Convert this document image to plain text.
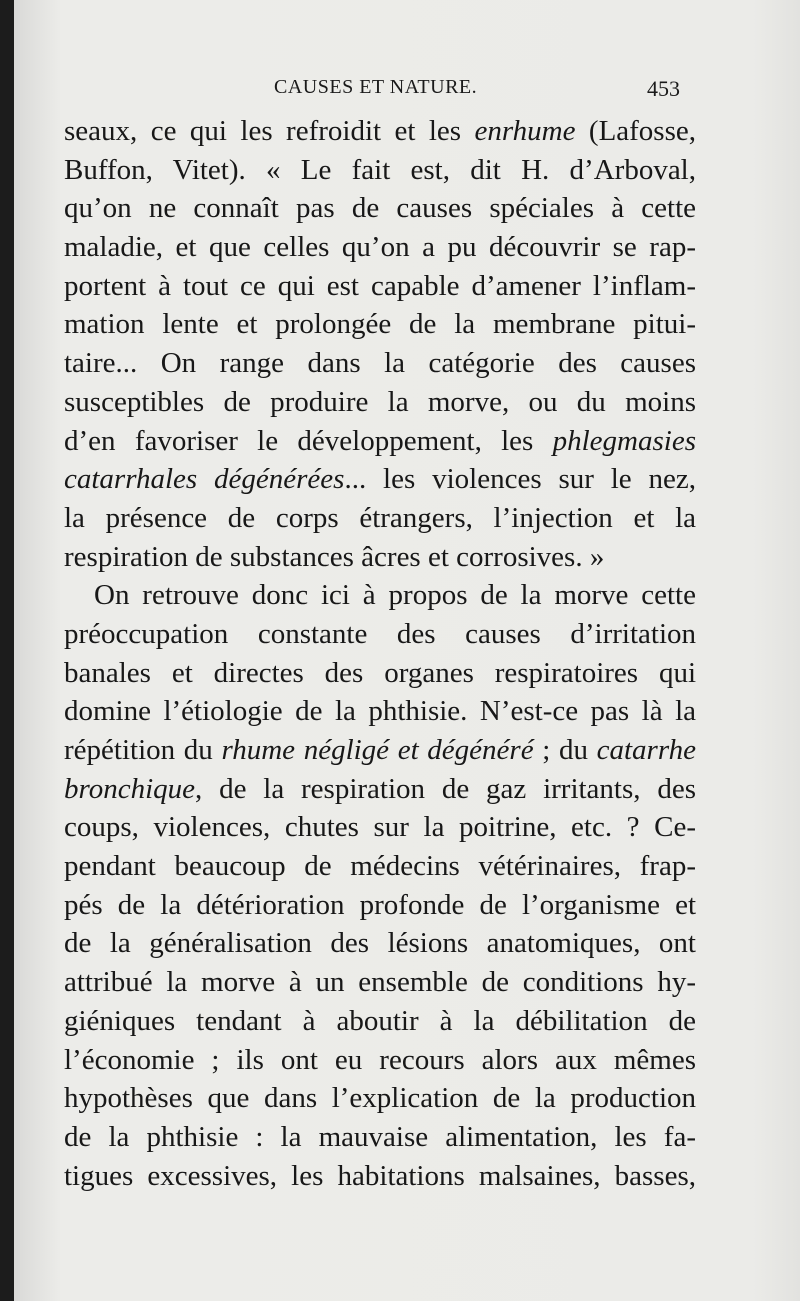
CAUSES ET NATURE.	453
seaux, ce qui les refroidit et les enrhume (Lafosse,
Buffon, Vitet). « Le fait est, dit H. d’Arboval,
qu’on ne connaît pas de causes spéciales à cette
maladie, et que celles qu’on a pu découvrir se rap-
portent à tout ce qui est capable d’amener l’inflam-
mation lente et prolongée de la membrane pitui-
taire... On range dans la catégorie des causes
susceptibles de produire la morve, ou du moins
d’en favoriser le développement, les phlegmasies
catarrhales dégénérées... les violences sur le nez,
la présence de corps étrangers, l’injection et la
respiration de substances âcres et corrosives. »
On retrouve donc ici à propos de la morve cette
préoccupation constante des causes d’irritation
banales et directes des organes respiratoires qui
domine l’étiologie de la phthisie. N’est-ce pas là la
répétition du rhume négligé et dégénéré ; du catarrhe
bronchique, de la respiration de gaz irritants, des
coups, violences, chutes sur la poitrine, etc. ? Ce-
pendant beaucoup de médecins vétérinaires, frap-
pés de la détérioration profonde de l’organisme et
de la généralisation des lésions anatomiques, ont
attribué la morve à un ensemble de conditions hy-
giéniques tendant à aboutir à la débilitation de
l’économie ; ils ont eu recours alors aux mêmes
hypothèses que dans l’explication de la production
de la phthisie : la mauvaise alimentation, les fa-
tigues excessives, les habitations malsaines, basses,
